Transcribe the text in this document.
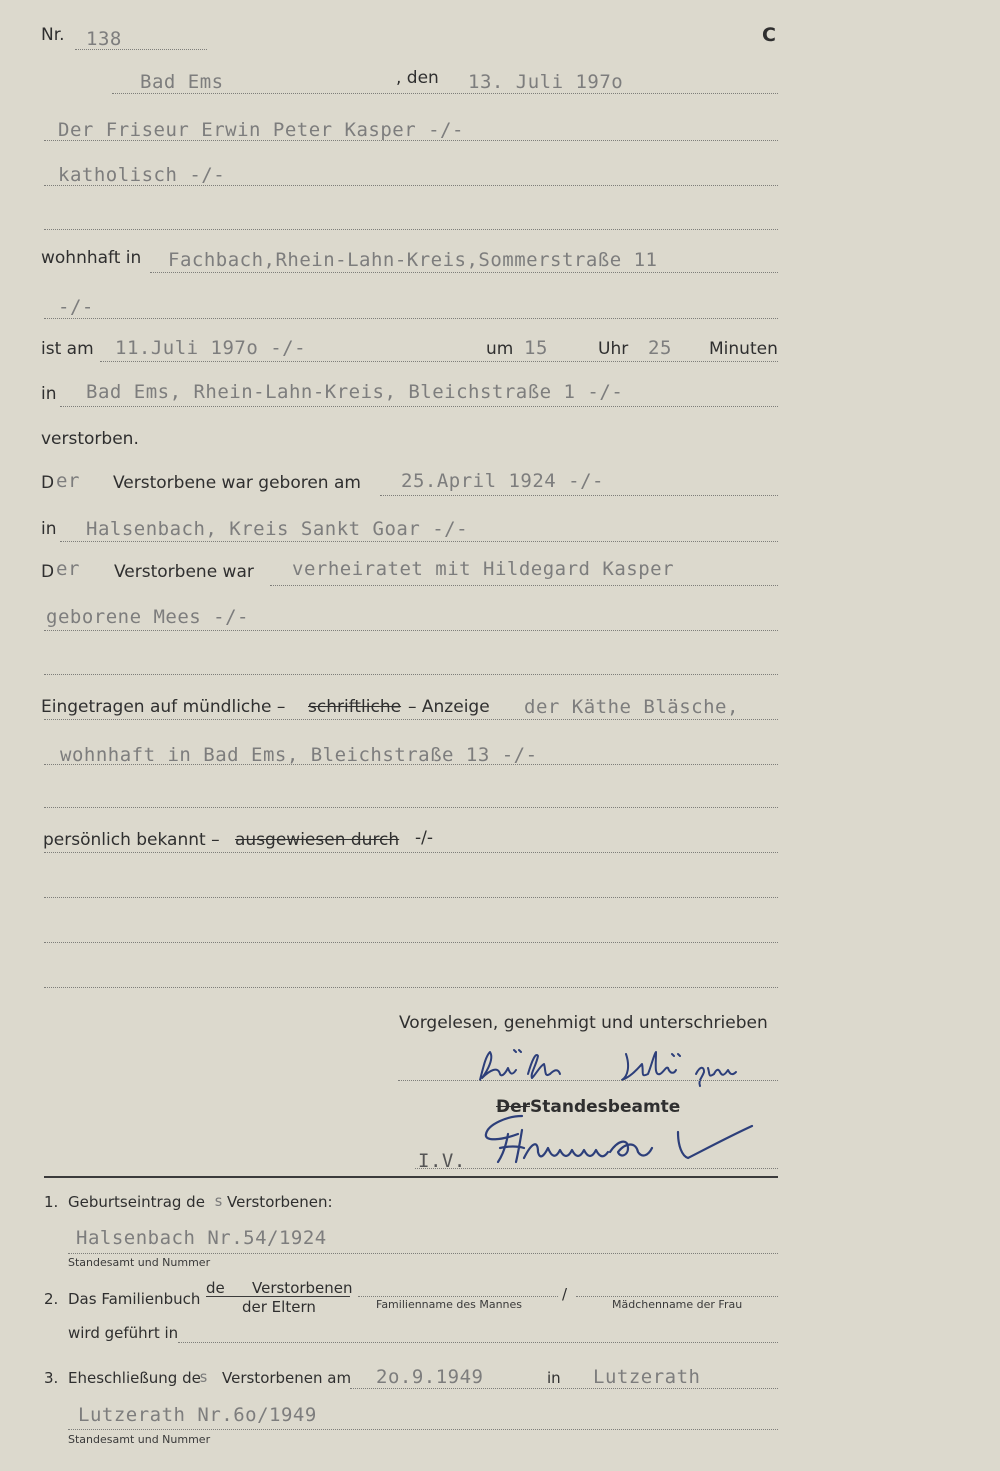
Nr. 138	C
Bad Ems	, den 13. Juli 197o
Der Friseur Erwin Peter Kasper -/-
katholisch -/-
wohnhaft in Fachbach,Rhein-Lahn-Kreis,Sommerstraße 11
-/-
ist am 11.Juli 197o -/-	um 15	Uhr 25 Minuten
in Bad Ems, Rhein-Lahn-Kreis, Bleichstraße 1 -/-
verstorben.
D er Verstorbene war geboren am 25.April 1924 -/-
in Halsenbach, Kreis Sankt Goar -/-
D er Verstorbene war verheiratet mit Hildegard Kasper
geborene Mees -/-
Eingetragen auf mündliche – schriftliche – Anzeige der Käthe Bläsche,
wohnhaft in Bad Ems, Bleichstraße 13 -/-
persönlich bekannt – ausgewiesen durch -/-
Vorgelesen, genehmigt und unterschrieben
DerStandesbeamte
I.V.
1. Geburtseintrag de s Verstorbenen:
Halsenbach Nr.54/1924
Standesamt und Nummer
2. Das Familienbuch
de Verstorbenen
der Eltern	Familienname des Mannes
/
Mädchenname der Frau
wird geführt in
3. Eheschließung de
s Verstorbenen am 2o.9.1949	in Lutzerath
Lutzerath Nr.6o/1949
Standesamt und Nummer
